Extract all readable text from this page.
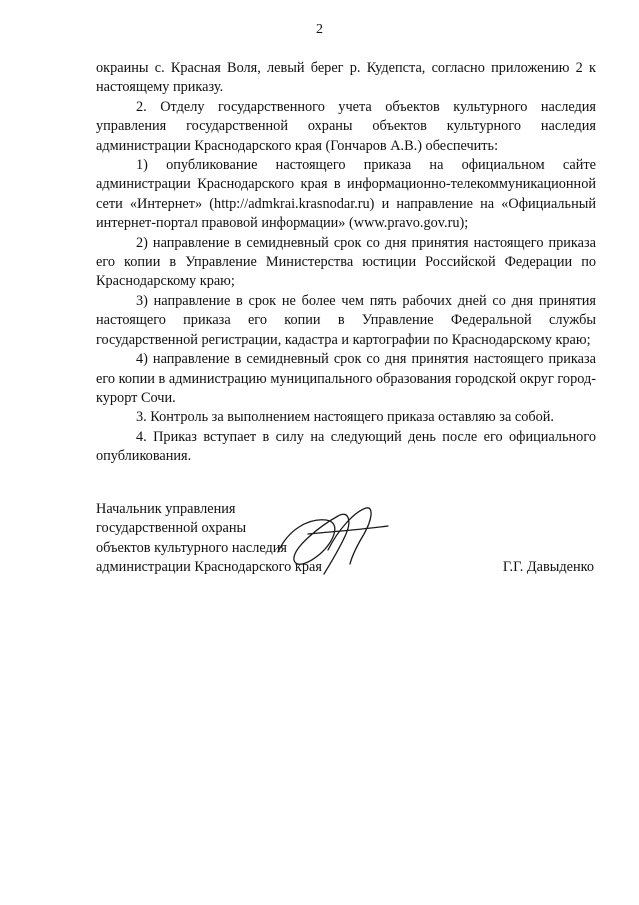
2

окраины с. Красная Воля, левый берег р. Кудепста, согласно приложению 2 к настоящему приказу.

2. Отделу государственного учета объектов культурного наследия управления государственной охраны объектов культурного наследия администрации Краснодарского края (Гончаров А.В.) обеспечить:

1) опубликование настоящего приказа на официальном сайте администрации Краснодарского края в информационно-телекоммуникационной сети «Интернет» (http://admkrai.krasnodar.ru) и направление на «Официальный интернет-портал правовой информации» (www.pravo.gov.ru);

2) направление в семидневный срок со дня принятия настоящего приказа его копии в Управление Министерства юстиции Российской Федерации по Краснодарскому краю;

3) направление в срок не более чем пять рабочих дней со дня принятия настоящего приказа его копии в Управление Федеральной службы государственной регистрации, кадастра и картографии по Краснодарскому краю;

4) направление в семидневный срок со дня принятия настоящего приказа его копии в администрацию муниципального образования городской округ город-курорт Сочи.

3. Контроль за выполнением настоящего приказа оставляю за собой.

4. Приказ вступает в силу на следующий день после его официального опубликования.

Начальник управления
государственной охраны
объектов культурного наследия
администрации Краснодарского края	Г.Г. Давыденко
